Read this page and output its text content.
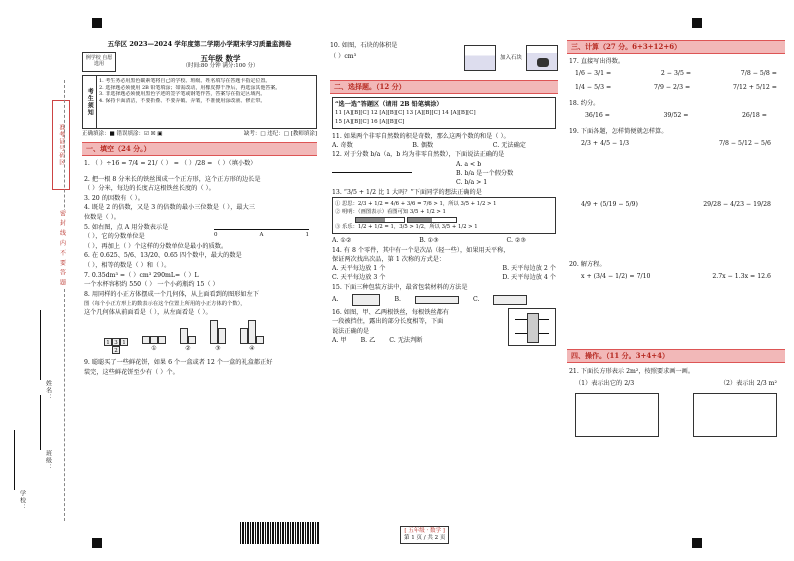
准考证号码区
密 封 线 内 不 要 答 题
姓名：
班级：
学校：
五华区 2023—2024 学年度第二学期小学期末学习质量监测卷
例学校 自愿选用
五年级 数学
（时间:80 分钟 满分:100 分）
考生须知
1. 考生务必用黑色碳素笔将自己的学校、班级、姓名填写在答题卡指定位置。
2. 选择题必须使用 2B 铅笔填涂；如需改动，用橡皮擦干净后，再选涂其他答案。
3. 非选择题必须使用黑色字迹的签字笔或钢笔作答，答案写在指定区域内。
4. 保持卡面清洁，不要折叠、不要弄破、弄皱，不准使用涂改液、修正带。
正确填涂：■ 错误填涂：☑ ☒ ▣	缺考：□ 违纪：□ [教师填涂]
一、填空（24 分。）
1. （ ）÷16 = 7/4 = 21/（ ） = （ ）/28 = （ ）（填小数）
2. 把一根 8 分米长的铁丝围成一个正方形，这个正方形的边长是
（ ）分米，每边的长度占这根铁丝长度的（ ）。
3. 20 的因数有（ ）。
4. 既是 2 的倍数，又是 3 的倍数的最小三位数是（ ），最大三
位数是（ ）。
5. 如右图，点 A 用分数表示是
（ ），它的分数单位是	0	A	1
（ ），再加上（ ）个这样的分数单位是最小的质数。
6. 在 0.625、5/6、13/20、0.65 四个数中，最大的数是
（ ），相等的数是（ ）和（ ）。
7. 0.35dm³ =（ ）cm³ 290mL=（ ）L
一个水杯容积约 550（ ） 一个小药瓶约 15（ ）
8. 用同样的小正方体摆成一个几何体，从上面看到的图形如左下
图（每个小正方形上的数表示在这个位置上所用的小正方体的个数），
这个几何体从前面看是（ ），从左面看是（ ）。
1 3 1
2	①	②	③	④
9. 聪聪买了一些鲜花饼，如果 6 个一盒或者 12 个一盒的礼盒都正好
装完，这些鲜花饼至少有（ ）个。
10. 如图，石块的体积是
（ ）cm³	加入石块
二、选择题。（12 分）
“选一选”答题区（请用 2B 铅笔填涂）
11 [A][B][C] 12 [A][B][C] 13 [A][B][C] 14 [A][B][C]
15 [A][B][C] 16 [A][B][C]
11. 如果两个非零自然数的积是奇数，那么这两个数的和是（ ）。
A. 奇数	B. 偶数	C. 无法确定
12. 对于分数 b/a（a，b 均为非零自然数），下面说法正确的是
A. a < b
B. b/a 是一个假分数
C. b/a > 1
13. “3/5 + 1/2 比 1 大吗？”下面同学的想法正确的是
① 思思：2/3 + 1/2 = 4/6 + 3/6 = 7/6 > 1，所以 3/5 + 1/2 > 1
② 明明：（画图表示）看图可知 3/5 + 1/2 > 1
③ 乐乐：1/2 + 1/2 = 1，3/5 > 1/2，所以 3/5 + 1/2 > 1
A. ①②	B. ①③	C. ②③
14. 有 8 个零件，其中有一个是次品（轻一些），如果用天平称，
保证两次找出次品，第 1 次称的方式是：
A. 天平每边放 1 个	B. 天平每边放 2 个
C. 天平每边放 3 个	D. 天平每边放 4 个
15. 下面三种包装方法中，最省包装材料的方法是
A.	B.	C.
16. 如图，甲、乙两根铁丝，每根铁丝都有
一段被挡住，露出的部分长度相等，下面
说法正确的是
A. 甲 B. 乙 C. 无法判断
三、计算（27 分。6+3+12+6）
17. 直接写出得数。
1/6 − 3/1 =	2 − 3/5 =	7/8 − 5/8 =
1/4 − 5/3 =	7/9 − 2/3 =	7/12 + 5/12 =
18. 约分。
36/16 =	39/52 =	26/18 =
19. 下面各题，怎样简便就怎样算。
2/3 + 4/5 − 1/3	7/8 − 5/12 − 5/6
4/9 + (5/19 − 5/9)	29/28 − 4/23 − 19/28
20. 解方程。
x + (3/4 − 1/2) = 7/10	2.7x − 1.3x = 12.6
四、操作。（11 分。3+4+4）
21. 下面长方形表示 2m²，按照要求画一画。
（1）表示出它的 2/3	（2）表示出 2/3 m²
[ 五年级 · 数学 ]
第 1 页 / 共 2 页
